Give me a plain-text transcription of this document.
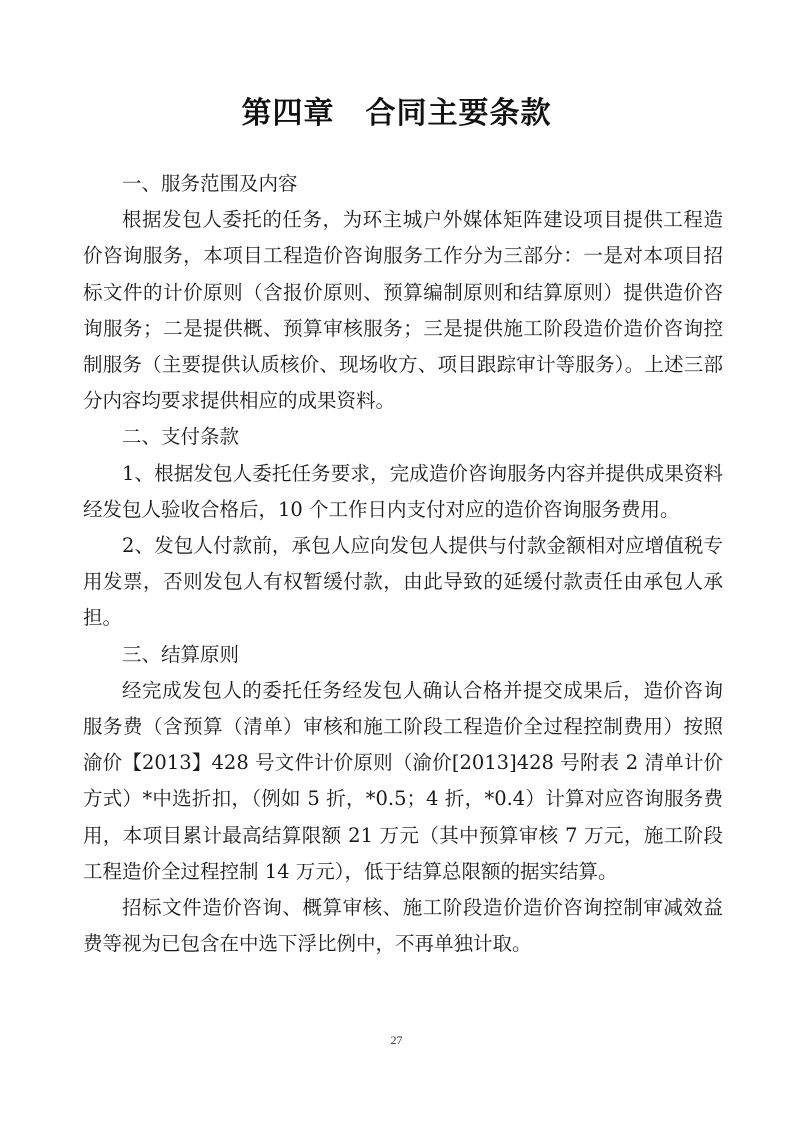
第四章　合同主要条款

一、服务范围及内容

根据发包人委托的任务，为环主城户外媒体矩阵建设项目提供工程造价咨询服务，本项目工程造价咨询服务工作分为三部分：一是对本项目招标文件的计价原则（含报价原则、预算编制原则和结算原则）提供造价咨询服务；二是提供概、预算审核服务；三是提供施工阶段造价造价咨询控制服务（主要提供认质核价、现场收方、项目跟踪审计等服务）。上述三部分内容均要求提供相应的成果资料。

二、支付条款

1、根据发包人委托任务要求，完成造价咨询服务内容并提供成果资料经发包人验收合格后，10 个工作日内支付对应的造价咨询服务费用。

2、发包人付款前，承包人应向发包人提供与付款金额相对应增值税专用发票，否则发包人有权暂缓付款，由此导致的延缓付款责任由承包人承担。

三、结算原则

经完成发包人的委托任务经发包人确认合格并提交成果后，造价咨询服务费（含预算（清单）审核和施工阶段工程造价全过程控制费用）按照渝价【2013】428 号文件计价原则（渝价[2013]428 号附表 2 清单计价方式）*中选折扣，（例如 5 折，*0.5；4 折，*0.4）计算对应咨询服务费用，本项目累计最高结算限额 21 万元（其中预算审核 7 万元，施工阶段工程造价全过程控制 14 万元），低于结算总限额的据实结算。

招标文件造价咨询、概算审核、施工阶段造价造价咨询控制审减效益费等视为已包含在中选下浮比例中，不再单独计取。

27
